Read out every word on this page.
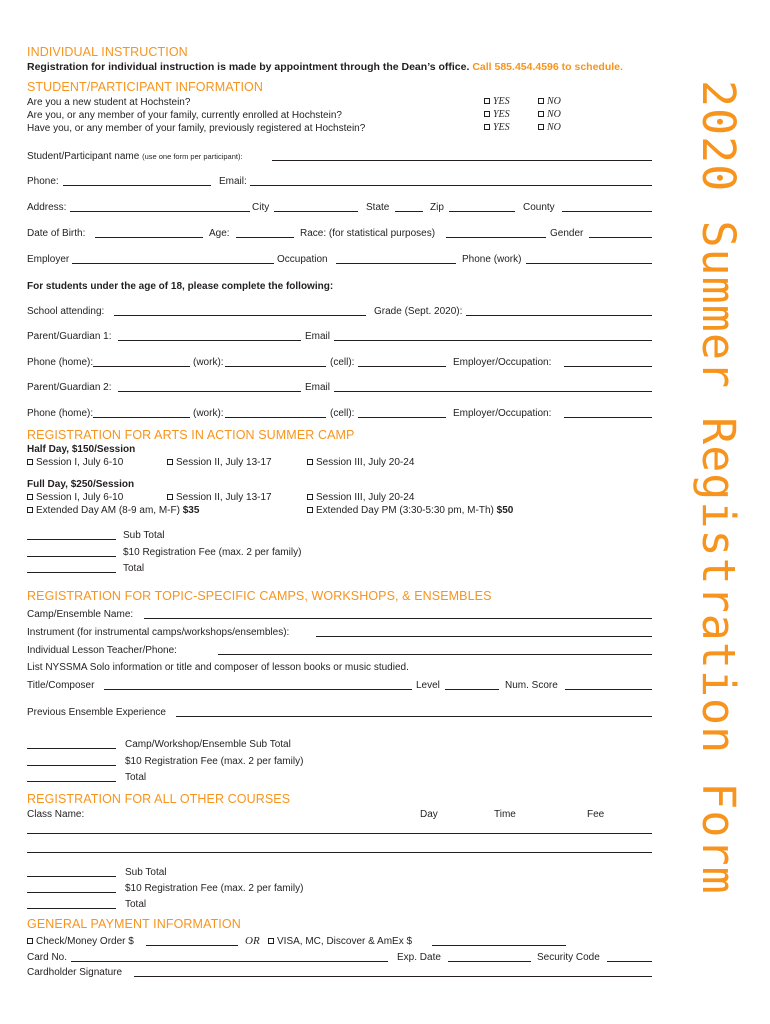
2020 Summer Registration Form
INDIVIDUAL INSTRUCTION
Registration for individual instruction is made by appointment through the Dean’s office. Call 585.454.4596 to schedule.
STUDENT/PARTICIPANT INFORMATION
Are you a new student at Hochstein?
Are you, or any member of your family, currently enrolled at Hochstein?
Have you, or any member of your family, previously registered at Hochstein?
YES	NO
YES	NO
YES	NO
Student/Participant name (use one form per participant):
Phone:	Email:
Address:	City	State	Zip	County
Date of Birth:	Age:	Race: (for statistical purposes)	Gender
Employer	Occupation	Phone (work)
For students under the age of 18, please complete the following:
School attending:	Grade (Sept. 2020):
Parent/Guardian 1:	Email
Phone (home):	(work):	(cell):	Employer/Occupation:
Parent/Guardian 2:	Email
Phone (home):	(work):	(cell):	Employer/Occupation:
REGISTRATION FOR ARTS IN ACTION SUMMER CAMP
Half Day, $150/Session
Session I, July 6-10	Session II, July 13-17	Session III, July 20-24
Full Day, $250/Session
Session I, July 6-10	Session II, July 13-17	Session III, July 20-24
Extended Day AM (8-9 am, M-F) $35	Extended Day PM (3:30-5:30 pm, M-Th) $50
Sub Total
$10 Registration Fee (max. 2 per family)
Total
REGISTRATION FOR TOPIC-SPECIFIC CAMPS, WORKSHOPS, & ENSEMBLES
Camp/Ensemble Name:
Instrument (for instrumental camps/workshops/ensembles):
Individual Lesson Teacher/Phone:
List NYSSMA Solo information or title and composer of lesson books or music studied.
Title/Composer	Level	Num. Score
Previous Ensemble Experience
Camp/Workshop/Ensemble Sub Total
$10 Registration Fee (max. 2 per family)
Total
REGISTRATION FOR ALL OTHER COURSES
Class Name:	Day	Time	Fee
Sub Total
$10 Registration Fee (max. 2 per family)
Total
GENERAL PAYMENT INFORMATION
Check/Money Order $	OR	VISA, MC, Discover & AmEx $
Card No.	Exp. Date	Security Code
Cardholder Signature
